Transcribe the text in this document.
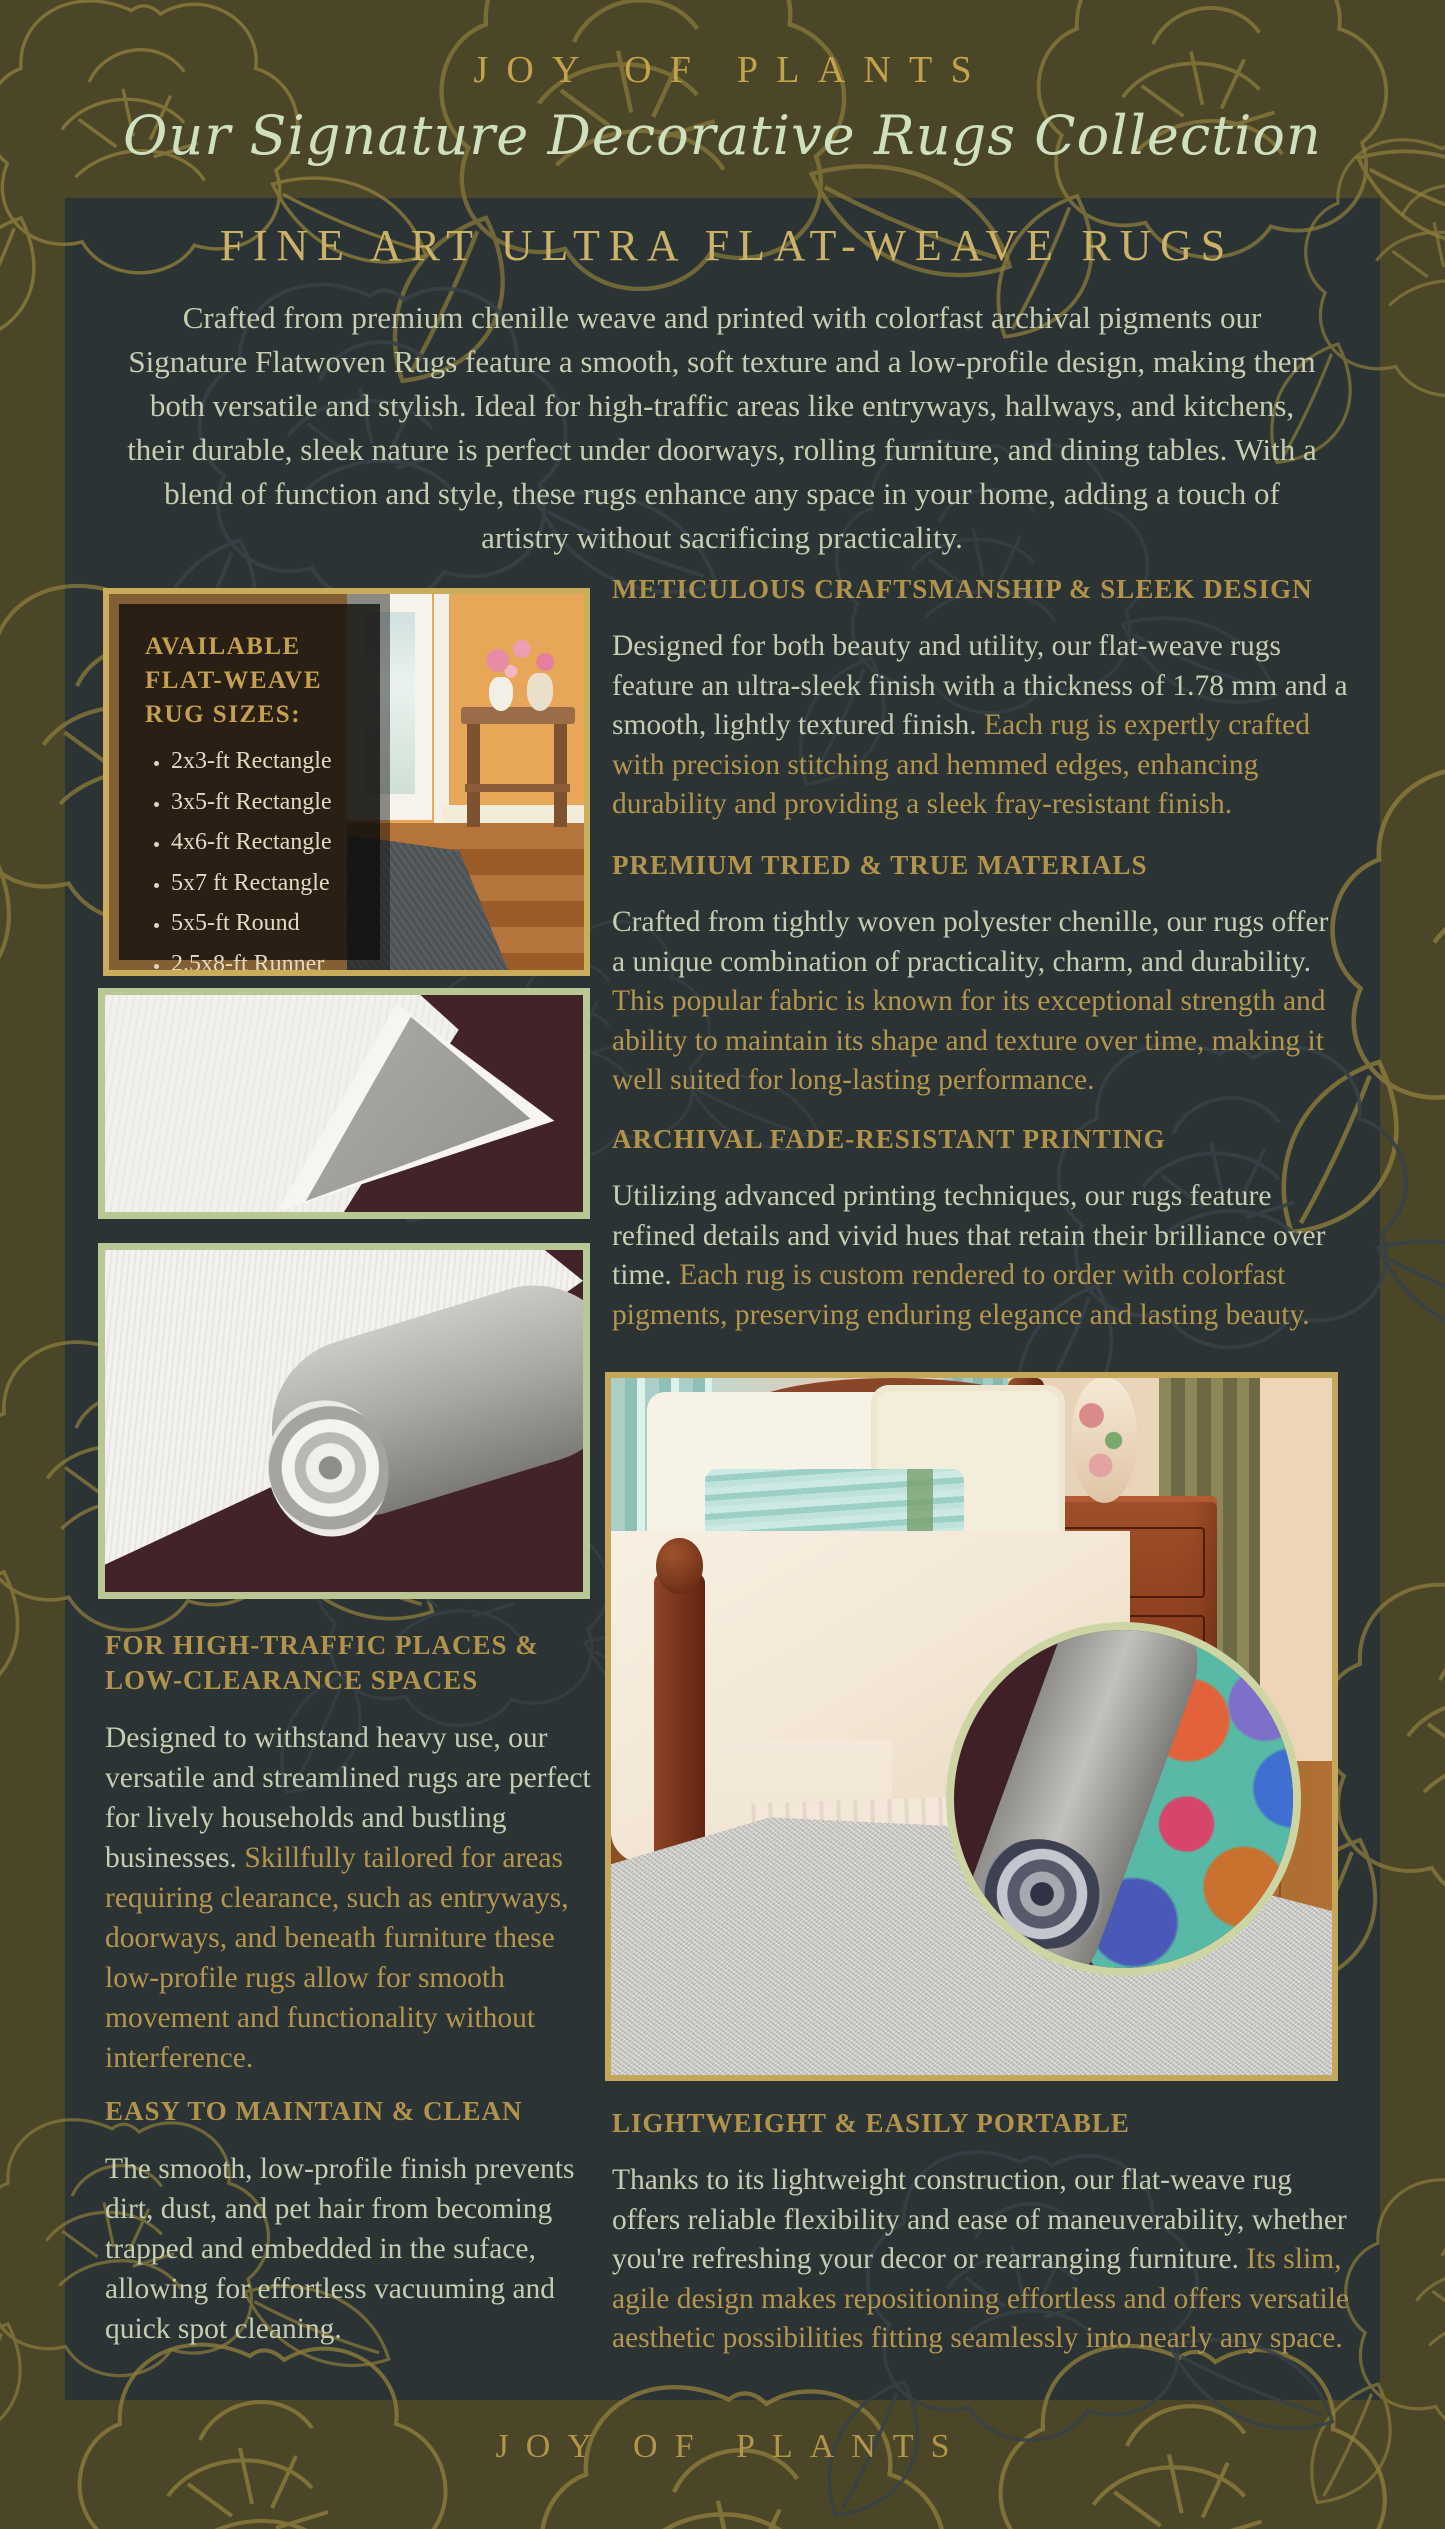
JOY OF PLANTS
Our Signature Decorative Rugs Collection
FINE ART ULTRA FLAT-WEAVE RUGS

Crafted from premium chenille weave and printed with colorfast archival pigments our Signature Flatwoven Rugs feature a smooth, soft texture and a low-profile design, making them both versatile and stylish. Ideal for high-traffic areas like entryways, hallways, and kitchens, their durable, sleek nature is perfect under doorways, rolling furniture, and dining tables. With a blend of function and style, these rugs enhance any space in your home, adding a touch of artistry without sacrificing practicality.

AVAILABLE FLAT-WEAVE RUG SIZES:
• 2x3-ft Rectangle
• 3x5-ft Rectangle
• 4x6-ft Rectangle
• 5x7 ft Rectangle
• 5x5-ft Round
• 2.5x8-ft Runner
METICULOUS CRAFTSMANSHIP & SLEEK DESIGN

Designed for both beauty and utility, our flat-weave rugs feature an ultra-sleek finish with a thickness of 1.78 mm and a smooth, lightly textured finish. Each rug is expertly crafted with precision stitching and hemmed edges, enhancing durability and providing a sleek fray-resistant finish.

PREMIUM TRIED & TRUE MATERIALS

Crafted from tightly woven polyester chenille, our rugs offer a unique combination of practicality, charm, and durability. This popular fabric is known for its exceptional strength and ability to maintain its shape and texture over time, making it well suited for long-lasting performance.

ARCHIVAL FADE-RESISTANT PRINTING

Utilizing advanced printing techniques, our rugs feature refined details and vivid hues that retain their brilliance over time. Each rug is custom rendered to order with colorfast pigments, preserving enduring elegance and lasting beauty.

FOR HIGH-TRAFFIC PLACES & LOW-CLEARANCE SPACES

Designed to withstand heavy use, our versatile and streamlined rugs are perfect for lively households and bustling businesses. Skillfully tailored for areas requiring clearance, such as entryways, doorways, and beneath furniture these low-profile rugs allow for smooth movement and functionality without interference.

EASY TO MAINTAIN & CLEAN

The smooth, low-profile finish prevents dirt, dust, and pet hair from becoming trapped and embedded in the suface, allowing for effortless vacuuming and quick spot cleaning.

LIGHTWEIGHT & EASILY PORTABLE

Thanks to its lightweight construction, our flat-weave rug offers reliable flexibility and ease of maneuverability, whether you're refreshing your decor or rearranging furniture. Its slim, agile design makes repositioning effortless and offers versatile aesthetic possibilities fitting seamlessly into nearly any space.

JOY OF PLANTS
